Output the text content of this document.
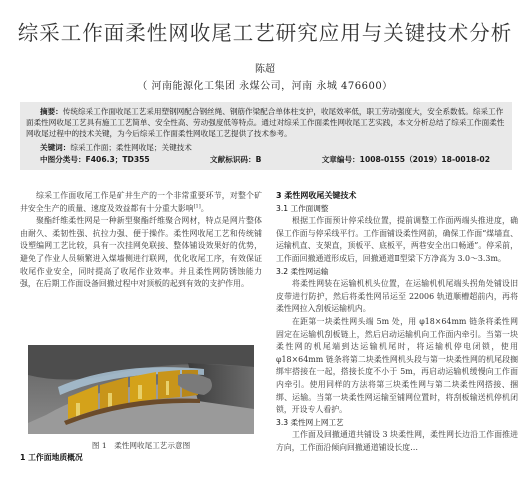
综采工作面柔性网收尾工艺研究应用与关键技术分析
陈超
（ 河南能源化工集团 永煤公司，河南 永城 476600）

摘要：传统综采工作面收尾工艺采用塑钢网配合钢丝绳、钢筋作梁配合单体柱支护，收尾效率低，职工劳动强度大，安全系数低。综采工作面柔性网收尾工艺具有施工工艺简单、安全性高、劳动强度低等特点。通过对综采工作面柔性网收尾工艺实践，本文分析总结了综采工作面柔性网收尾过程中的技术关键，为今后综采工作面柔性网收尾工艺提供了技术参考。

关键词：综采工作面；柔性网收尾；关键技术

中图分类号：F406.3；TD355	文献标识码：B	文章编号：1008-0155（2019）18-0018-02

综采工作面收尾工作是矿井生产的一个非常重要环节，对整个矿井安全生产的质量、速度及效益都有十分重大影响[1]。

聚酯纤维柔性网是一种新型聚酯纤维聚合网材，特点是网片整体由耐久、柔韧性强、抗拉力强、便于操作。柔性网收尾工艺和传统铺设塑编网工艺比较，具有一次挂网免联接、整体铺设效果好的优势，避免了作业人员频繁进入煤墙侧进行联网，优化收尾工序，有效保证收尾作业安全，同时提高了收尾作业效率。并且柔性网防锈蚀能力强，在后期工作面设备回撤过程中对顶板的起到有效的支护作用。

图 1　柔性网收尾工艺示意图
1 工作面地质概况

3 柔性网收尾关键技术

3.1 工作面调整

根据工作面预计停采线位置，提前调整工作面两端头推进度，确保工作面与停采线平行。工作面铺设柔性网前，确保工作面“煤墙直、运输机直、支架直，顶板平、底板平，两巷安全出口畅通”。停采前，工作面回撤通道形成后，回撤通道Ⅱ型梁下方净高为 3.0～3.3m。

3.2 柔性网运输

将柔性网装在运输机机头位置，在运输机机尾端头拐角处铺设旧皮带进行防护，然后将柔性网吊运至 22006 轨道顺槽超前内，再将柔性网拉入刮板运输机内。

在距第一块柔性网头端 5m 处，用 φ18×64mm 链条将柔性网固定在运输机刮板链上，然后启动运输机向工作面内牵引。当第一块柔性网的机尾端到达运输机尾时，将运输机停电闭锁，使用 φ18×64mm 链条将第二块柔性网机头段与第一块柔性网的机尾段搁绑牢搭接在一起，搭接长度不小于 5m，再启动运输机缓慢向工作面内牵引。使用同样的方法将第三块柔性网与第二块柔性网搭接、捆绑、运输。当第一块柔性网运输至铺网位置时，将刮板输送机停机闭锁，开设专人看护。

3.3 柔性网上网工艺

工作面及回撤通道共铺设 3 块柔性网，柔性网长边沿工作面推进方向，工作面沿倾向回撤通道铺设长度…
